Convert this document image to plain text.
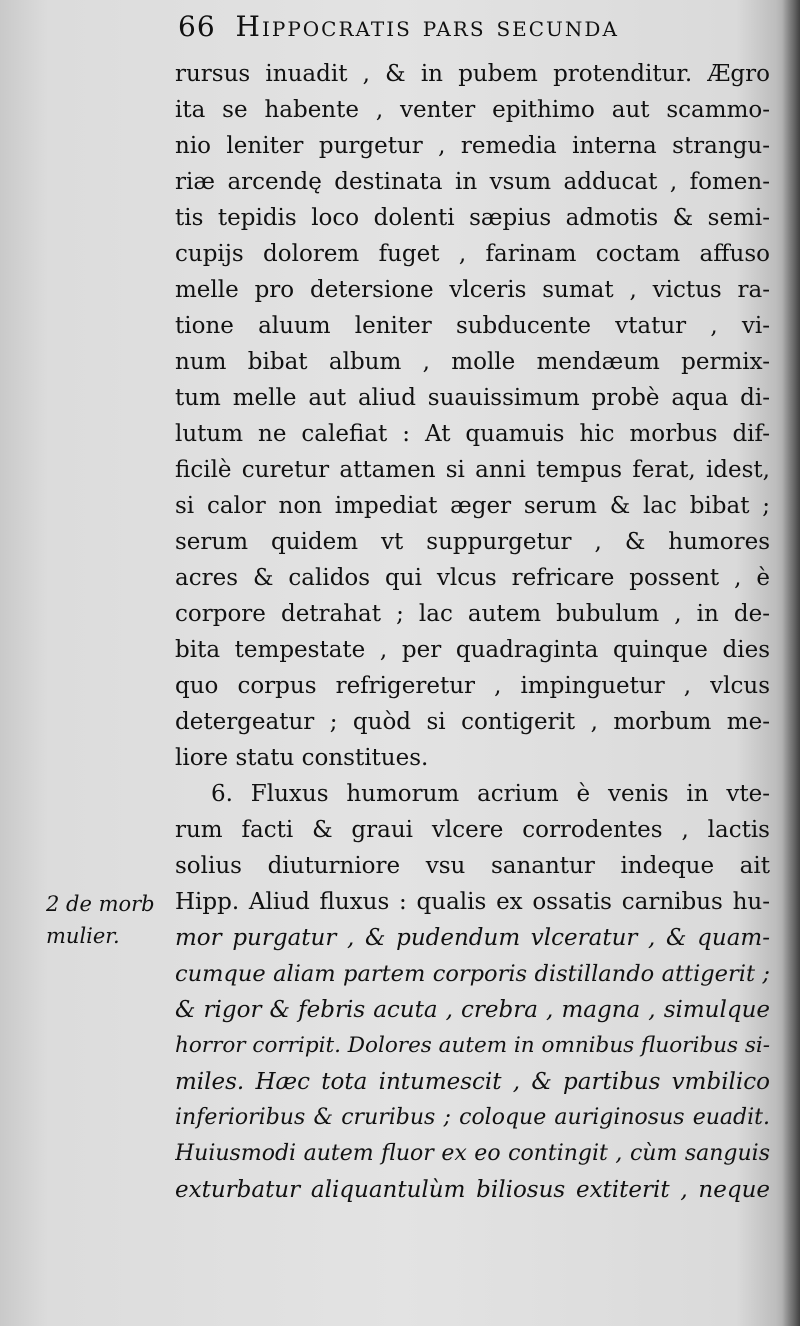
66 Hippocratis pars secunda
rursus inuadit , & in pubem protenditur. Ægro
ita se habente , venter epithimo aut scammo-
nio leniter purgetur , remedia interna strangu-
riæ arcendę destinata in vsum adducat , fomen-
tis tepidis loco dolenti sæpius admotis & semi-
cupijs dolorem fuget , farinam coctam affuso
melle pro detersione vlceris sumat , victus ra-
tione aluum leniter subducente vtatur , vi-
num bibat album , molle mendæum permix-
tum melle aut aliud suauissimum probè aqua di-
lutum ne calefiat : At quamuis hic morbus dif-
ficilè curetur attamen si anni tempus ferat, idest,
si calor non impediat æger serum & lac bibat ;
serum quidem vt suppurgetur , & humores
acres & calidos qui vlcus refricare possent , è
corpore detrahat ; lac autem bubulum , in de-
bita tempestate , per quadraginta quinque dies
quo corpus refrigeretur , impinguetur , vlcus
detergeatur ; quòd si contigerit , morbum me-
liore statu constitues.
6. Fluxus humorum acrium è venis in vte-
rum facti & graui vlcere corrodentes , lactis
solius diuturniore vsu sanantur indeque ait
Hipp. Aliud fluxus : qualis ex ossatis carnibus hu-
mor purgatur , & pudendum vlceratur , & quam-
cumque aliam partem corporis distillando attigerit ;
& rigor & febris acuta , crebra , magna , simulque
horror corripit. Dolores autem in omnibus fluoribus si-
miles. Hæc tota intumescit , & partibus vmbilico
inferioribus & cruribus ; coloque auriginosus euadit.
Huiusmodi autem fluor ex eo contingit , cùm sanguis
exturbatur aliquantulùm biliosus extiterit , neque
2 de morb
mulier.
